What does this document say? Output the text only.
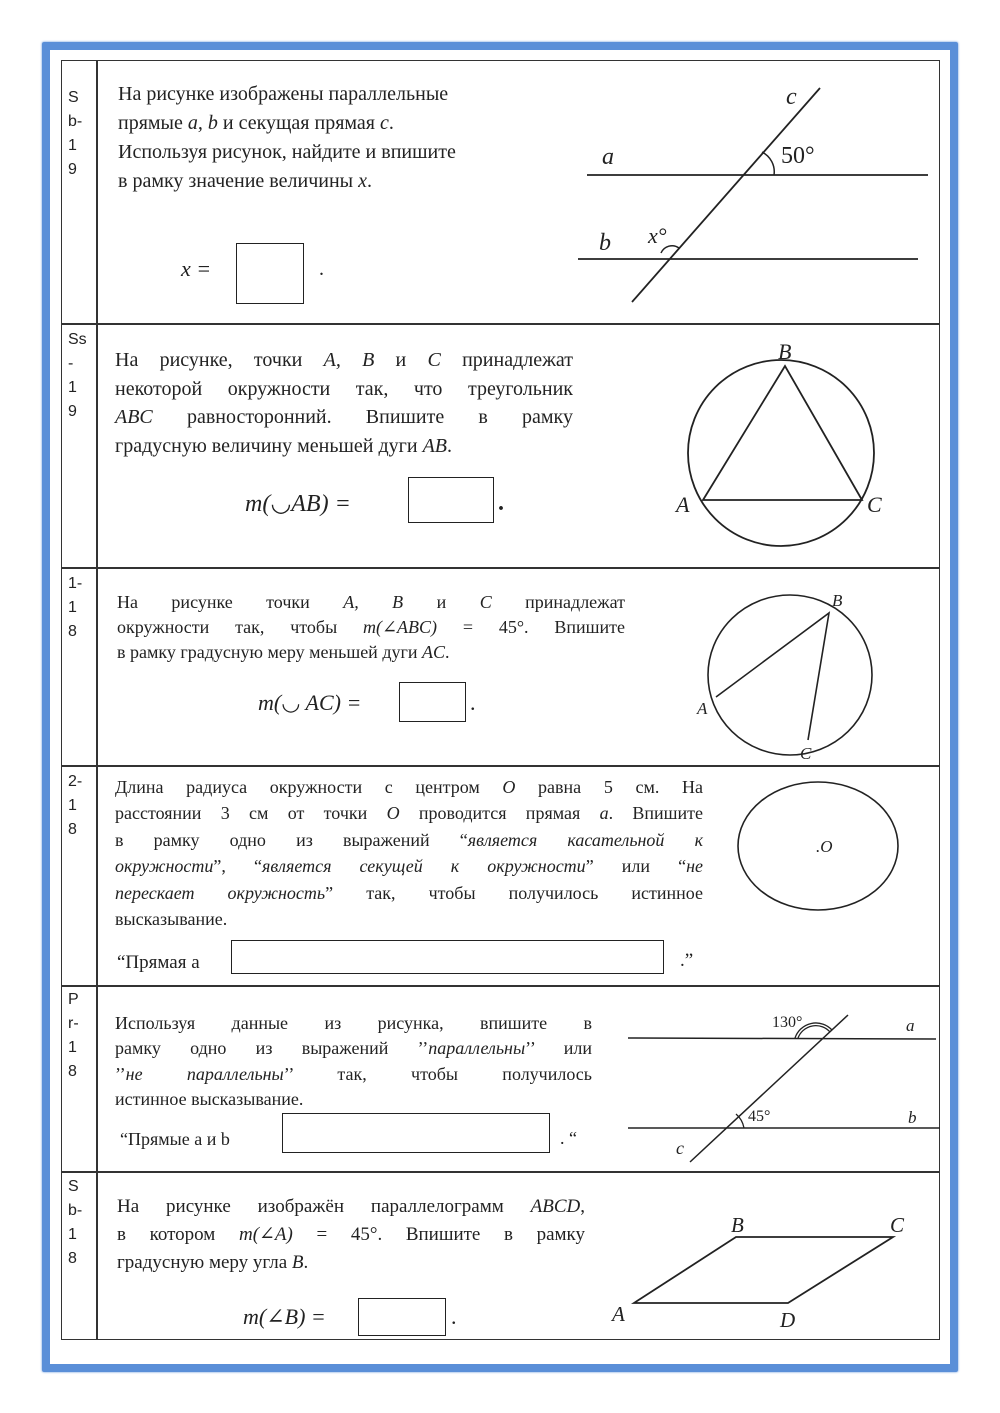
S
b-
1
9
На рисунке изображены параллельные
прямые a, b и секущая прямая c.
Используя рисунок, найдите и впишите
в рамку значение величины x.
x =	.
c
a	50°
b x°
Ss
-
1
9
На рисунке, точки A, B и C принадлежат
некоторой окружности так, что треугольник
ABC равносторонний. Впишите в рамку
градусную величину меньшей дуги AB.
m(◡AB) =	.
B
A	C
1-
1
8
На рисунке точки A, B и C принадлежат
окружности так, чтобы m(∠ABC) = 45°. Впишите
в рамку градусную меру меньшей дуги AC.
m(◡ AC) =	.
B
A
C
2-
1
8
Длина радиуса окружности с центром O равна 5 см. На
расстоянии 3 см от точки O проводится прямая a. Впишите
в рамку одно из выражений “является касательной к
окружности”, “является секущей к окружности” или “не
перескает окружность” так, чтобы получилось истинное
высказывание.
“Прямая a	.”
.O
P
r-
1
8
Используя данные из рисунка, впишите в
рамку одно из выражений ’’параллельны’’ или
’’не параллельны’’ так, чтобы получилось
истинное высказывание.
“Прямые a и b	. “
130°	a
45°	b
c
S
b-
1
8
На рисунке изображён параллелограмм ABCD,
в котором m(∠A) = 45°. Впишите в рамку
градусную меру угла B.
m(∠B) =	.
B	C
A	D
